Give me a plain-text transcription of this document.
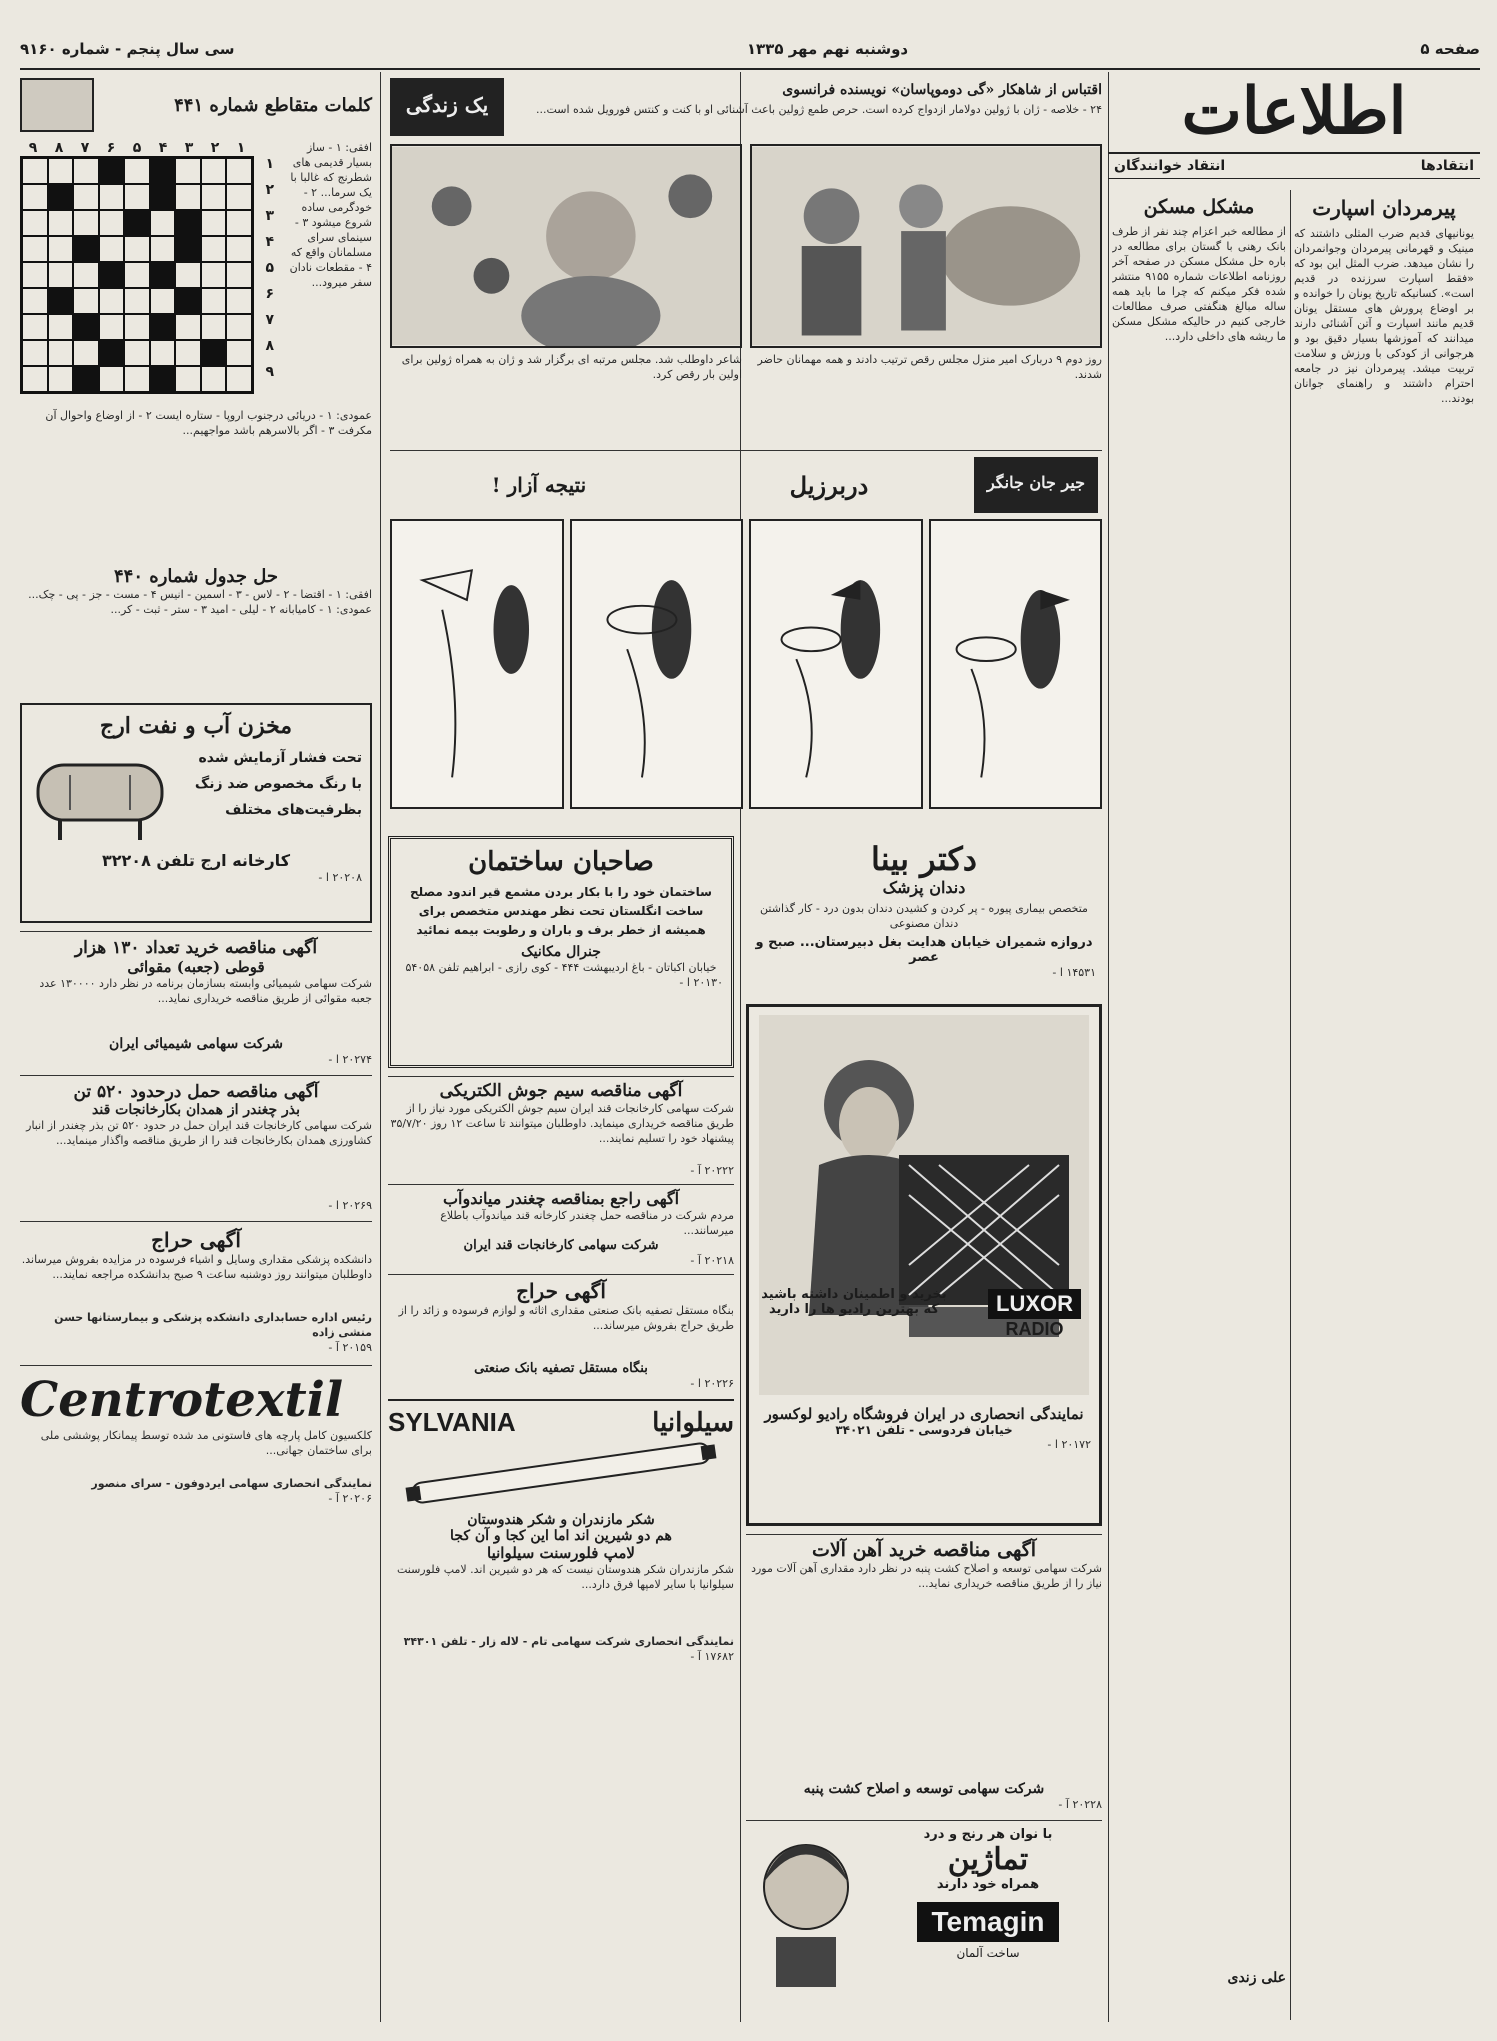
صفحه ۵
دوشنبه نهم مهر ۱۳۳۵
سی سال پنجم - شماره ۹۱۶۰
اطلاعات
انتقادها
انتقاد خوانندگان
پیرمردان اسپارت
یونانیهای قدیم ضرب المثلی داشتند که مینیک و قهرمانی پیرمردان وجوانمردان را نشان میدهد. ضرب المثل این بود که «فقط اسپارت سرزنده در قدیم است». کسانیکه تاریخ یونان را خوانده و بر اوضاع پرورش های مستقل یونان قدیم مانند اسپارت و آتن آشنائی دارند میدانند که آموزشها بسیار دقیق بود و هرجوانی از کودکی با ورزش و سلامت تربیت میشد. پیرمردان نیز در جامعه احترام داشتند و راهنمای جوانان بودند...
مشکل مسکن
از مطالعه خبر اعزام چند نفر از طرف بانک رهنی با گستان برای مطالعه در باره حل مشکل مسکن در صفحه آخر روزنامه اطلاعات شماره ۹۱۵۵ منتشر شده فکر میکنم که چرا ما باید همه ساله مبالغ هنگفتی صرف مطالعات خارجی کنیم در حالیکه مشکل مسکن ما ریشه های داخلی دارد...
علی زندی
اقتباس از شاهکار «گی دوموپاسان» نویسنده فرانسوی
۲۴ - خلاصه - ژان با ژولین دولامار ازدواج کرده است. حرص طمع ژولین باعث آشنائی او با کنت و کنتس فورویل شده است...
یک زندگی
روز دوم ۹ دربارک امیر منزل مجلس رقص ترتیب دادند و همه مهمانان حاضر شدند.
شاعر داوطلب شد. مجلس مرتبه ای برگزار شد و ژان به همراه ژولین برای اولین بار رقص کرد.
جیر جان جانگر
دربرزیل
نتیجه آزار !
کلمات متقاطع شماره ۴۴۱
افقی: ۱ - ساز بسیار قدیمی های شطرنج که غالبا با یک سرما... ۲ - خودگرمی ساده شروع میشود ۳ - سینمای سرای مسلمانان واقع که ۴ - مقطعات نادان سفر میرود...
۱
۲
۳
۴
۵
۶
۷
۸
۹
۱
۲
۳
۴
۵
۶
۷
۸
۹
عمودی: ۱ - دریائی درجنوب اروپا - ستاره ایست ۲ - از اوضاع واحوال آن مکرفت ۳ - اگر بالاسرهم باشد مواجهیم...
حل جدول شماره ۴۴۰
افقی: ۱ - اقتضا - ۲ - لاس - ۳ - اسمین - انیس ۴ - مست - جز - پی - چک... عمودی: ۱ - کامیابانه ۲ - لیلی - امید ۳ - ستر - ثبت - کر...
مخزن آب و نفت ارج
تحت فشار آزمایش شده
با رنگ مخصوص ضد زنگ
بظرفیت‌های مختلف
کارخانه ارج تلفن ۳۲۲۰۸
۲۰۲۰۸ ا -
آگهی مناقصه خرید تعداد ۱۳۰ هزار
قوطی (جعبه) مقوائی
شرکت سهامی شیمیائی وابسته بسازمان برنامه در نظر دارد ۱۳۰۰۰۰ عدد جعبه مقوائی از طریق مناقصه خریداری نماید...
شرکت سهامی شیمیائی ایران
۲۰۲۷۴ ا -
آگهی مناقصه حمل درحدود ۵۲۰ تن
بذر چغندر از همدان بکارخانجات قند
شرکت سهامی کارخانجات قند ایران حمل در حدود ۵۲۰ تن بذر چغندر از انبار کشاورزی همدان بکارخانجات قند را از طریق مناقصه واگذار مینماید...
۲۰۲۶۹ ا -
آگهی حراج
دانشکده پزشکی مقداری وسایل و اشیاء فرسوده در مزایده بفروش میرساند. داوطلبان میتوانند روز دوشنبه ساعت ۹ صبح بدانشکده مراجعه نمایند...
رئیس اداره حسابداری دانشکده پزشکی و بیمارستانها حسن منشی زاده
۲۰۱۵۹ آ -
Centrotextil
کلکسیون کامل پارچه های فاستونی مد شده توسط پیمانکار پوششی ملی برای ساختمان جهانی...
نمایندگی انحصاری سهامی ایردوفون - سرای منصور
۲۰۲۰۶ آ -
صاحبان ساختمان
ساختمان خود را با بکار بردن مشمع قیر اندود مصلح ساخت انگلستان تحت نظر مهندس متخصص برای همیشه از خطر برف و باران و رطوبت بیمه نمائید
جنرال مکانیک
خیابان اکباتان - باغ اردیبهشت ۴۴۴ - کوی رازی - ابراهیم تلفن ۵۴۰۵۸
۲۰۱۳۰ ا -
آگهی مناقصه سیم جوش الکتریکی
شرکت سهامی کارخانجات قند ایران سیم جوش الکتریکی مورد نیاز را از طریق مناقصه خریداری مینماید. داوطلبان میتوانند تا ساعت ۱۲ روز ۳۵/۷/۲۰ پیشنهاد خود را تسلیم نمایند...
۲۰۲۲۲ آ -
آگهی راجع بمناقصه چغندر میاندوآب
مردم شرکت در مناقصه حمل چغندر کارخانه قند میاندوآب باطلاع میرسانند...
شرکت سهامی کارخانجات قند ایران
۲۰۲۱۸ آ -
آگهی حراج
بنگاه مستقل تصفیه بانک صنعتی مقداری اثاثه و لوازم فرسوده و زائد را از طریق حراج بفروش میرساند...
بنگاه مستقل تصفیه بانک صنعتی
۲۰۲۲۶ ا -
سیلوانیا
SYLVANIA
شکر مازندران و شکر هندوستان
هم دو شیرین اند اما این کجا و آن کجا
لامپ فلورسنت سیلوانیا
شکر مازندران شکر هندوستان نیست که هر دو شیرین اند. لامپ فلورسنت سیلوانیا با سایر لامپها فرق دارد...
نمایندگی انحصاری شرکت سهامی تام - لاله زار - تلفن ۳۴۳۰۱
۱۷۶۸۲ آ -
دکتر بینا
دندان پزشک
متخصص بیماری پیوره - پر کردن و کشیدن دندان بدون درد - کار گذاشتن دندان مصنوعی
دروازه شمیران خیابان هدایت بغل دبیرستان... صبح و عصر
۱۴۵۳۱ ا -
LUXOR
RADIO
بخرید و اطمینان داشته باشید که بهترین رادیو ها را دارید
نمایندگی انحصاری در ایران فروشگاه رادیو لوکسور
خیابان فردوسی - تلفن ۳۴۰۲۱
۲۰۱۷۲ ا -
آگهی مناقصه خرید آهن آلات
شرکت سهامی توسعه و اصلاح کشت پنبه در نظر دارد مقداری آهن آلات مورد نیاز را از طریق مناقصه خریداری نماید...
شرکت سهامی توسعه و اصلاح کشت پنبه
۲۰۲۲۸ آ -
با نوان هر رنج و درد
تماژین
همراه خود دارند
Temagin
ساخت آلمان
